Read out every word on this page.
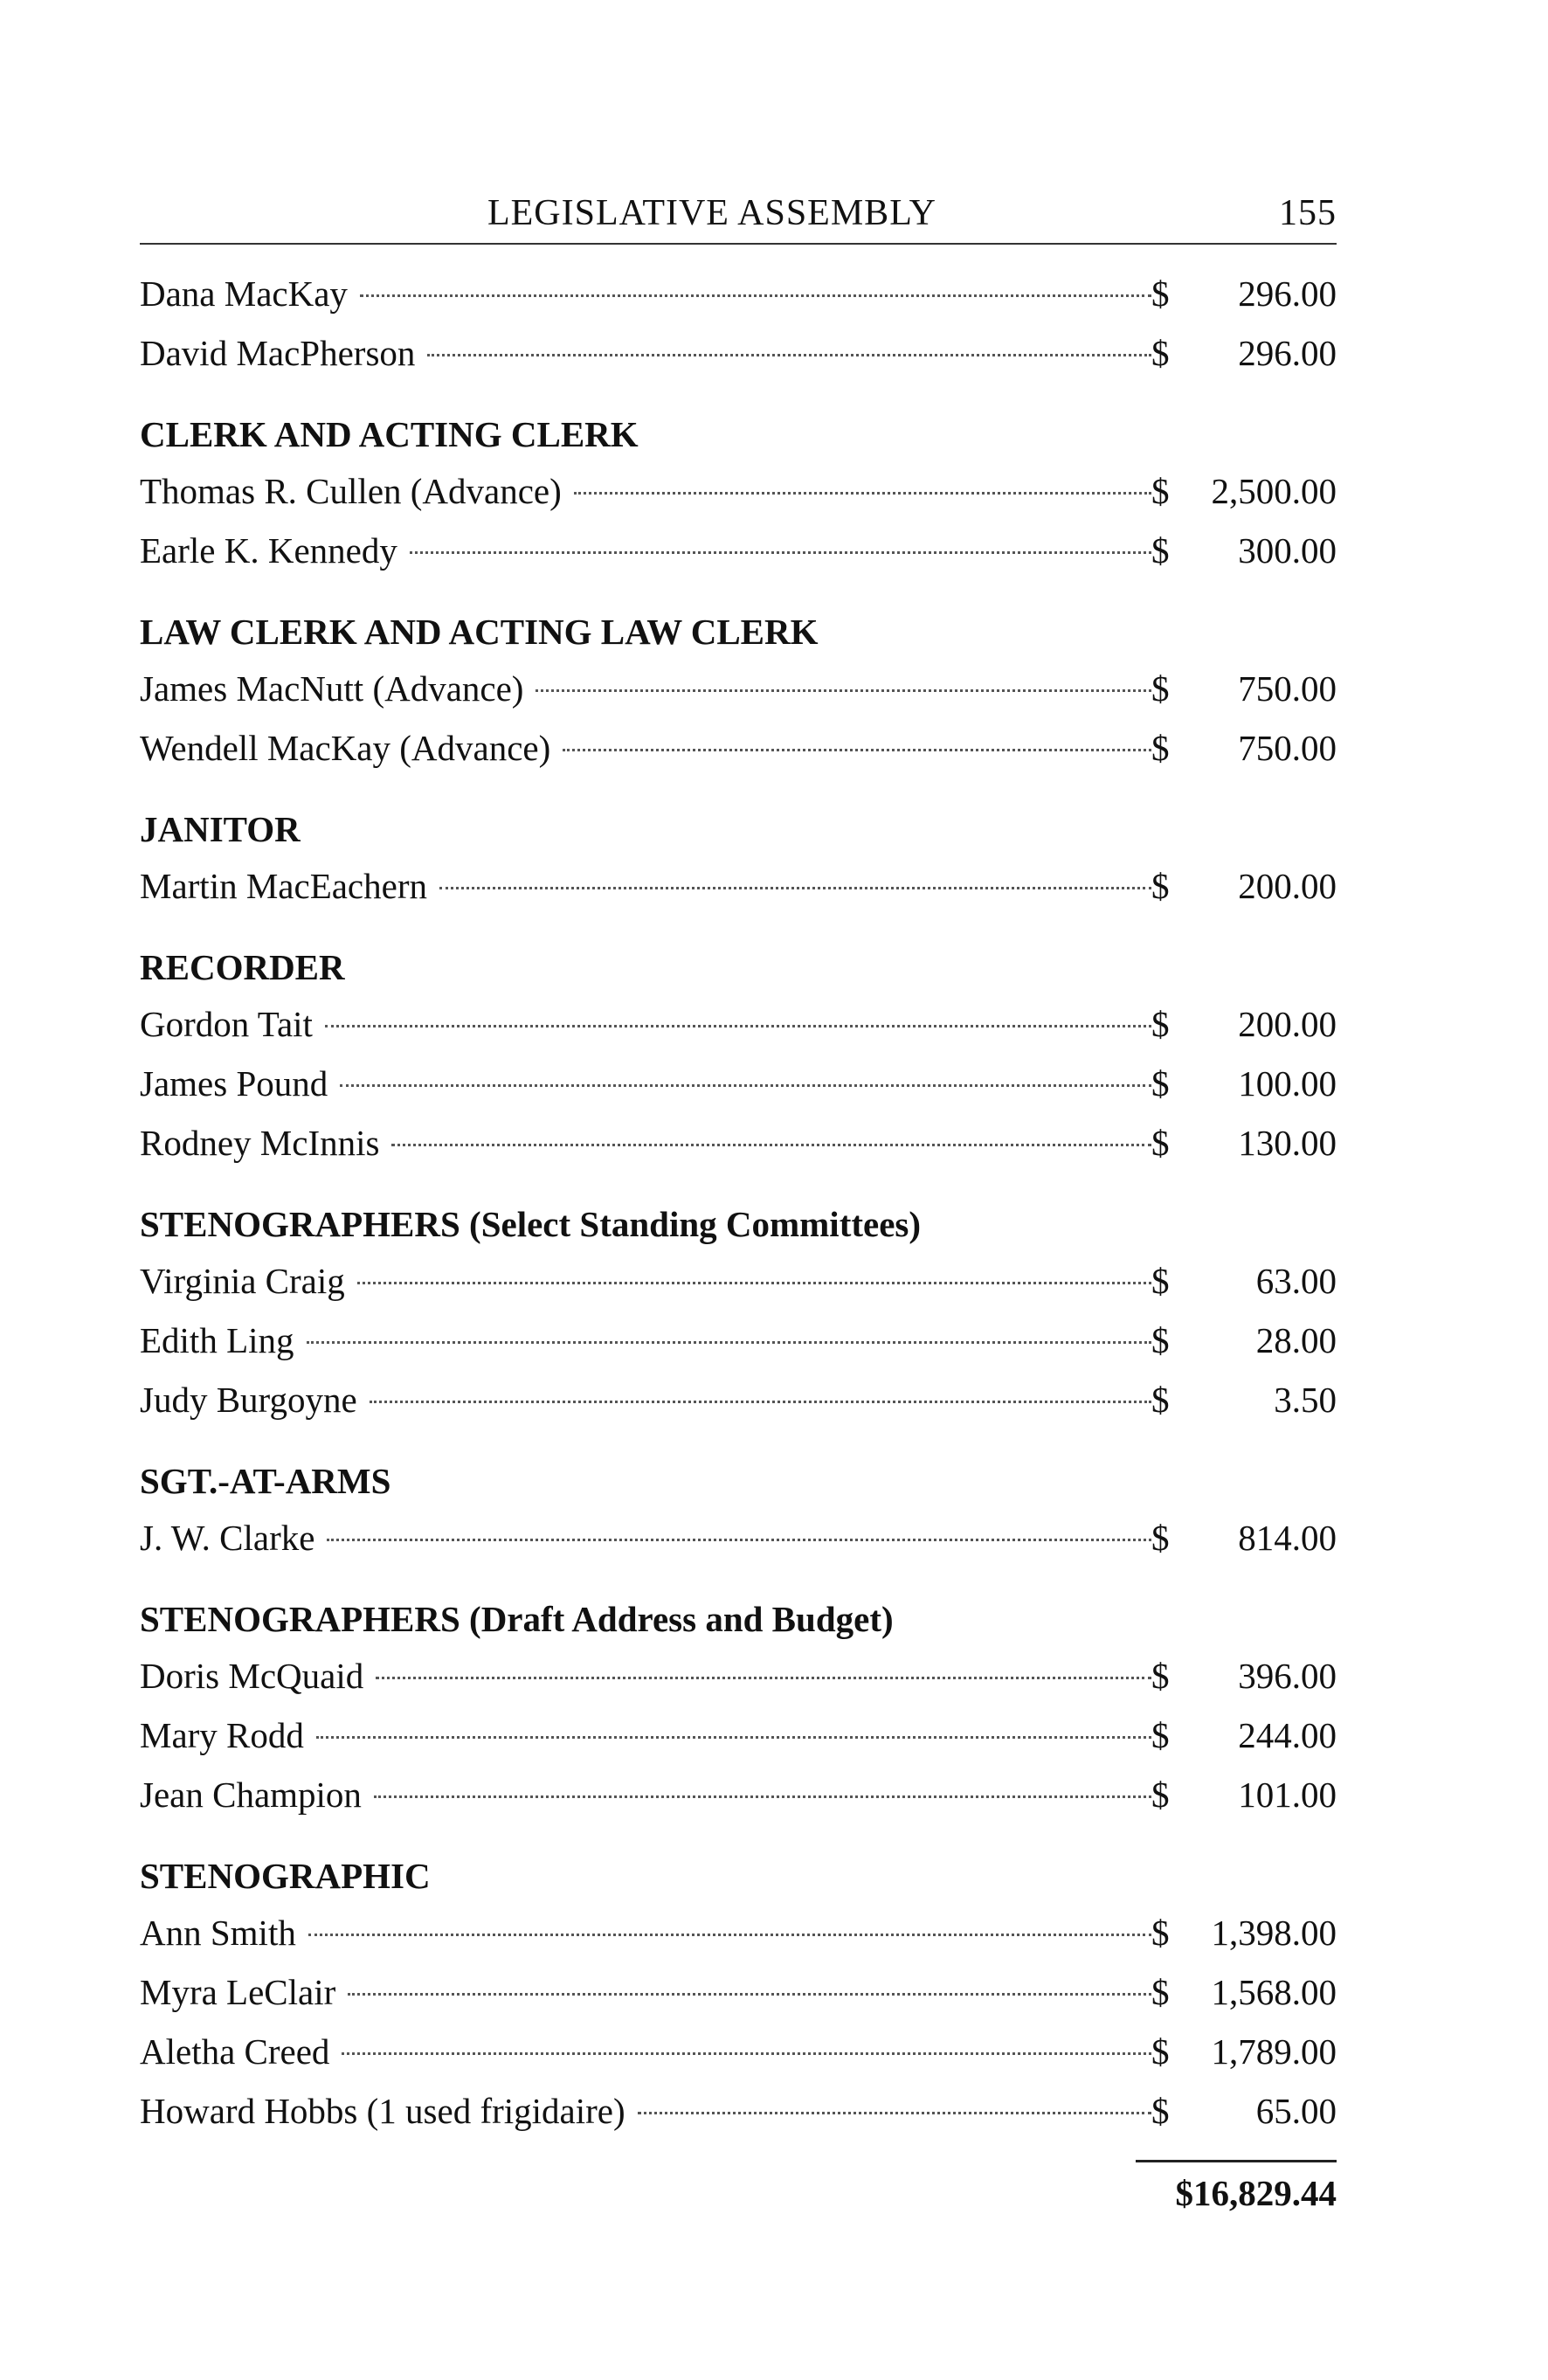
LEGISLATIVE ASSEMBLY	155
Dana MacKay	$	296.00
David MacPherson	$	296.00
CLERK AND ACTING CLERK
Thomas R. Cullen (Advance)	$	2,500.00
Earle K. Kennedy	$	300.00
LAW CLERK AND ACTING LAW CLERK
James MacNutt (Advance)	$	750.00
Wendell MacKay (Advance)	$	750.00
JANITOR
Martin MacEachern	$	200.00
RECORDER
Gordon Tait	$	200.00
James Pound	$	100.00
Rodney McInnis	$	130.00
STENOGRAPHERS (Select Standing Committees)
Virginia Craig	$	63.00
Edith Ling	$	28.00
Judy Burgoyne	$	3.50
SGT.-AT-ARMS
J. W. Clarke	$	814.00
STENOGRAPHERS (Draft Address and Budget)
Doris McQuaid	$	396.00
Mary Rodd	$	244.00
Jean Champion	$	101.00
STENOGRAPHIC
Ann Smith	$	1,398.00
Myra LeClair	$	1,568.00
Aletha Creed	$	1,789.00
Howard Hobbs (1 used frigidaire)	$	65.00
$16,829.44
